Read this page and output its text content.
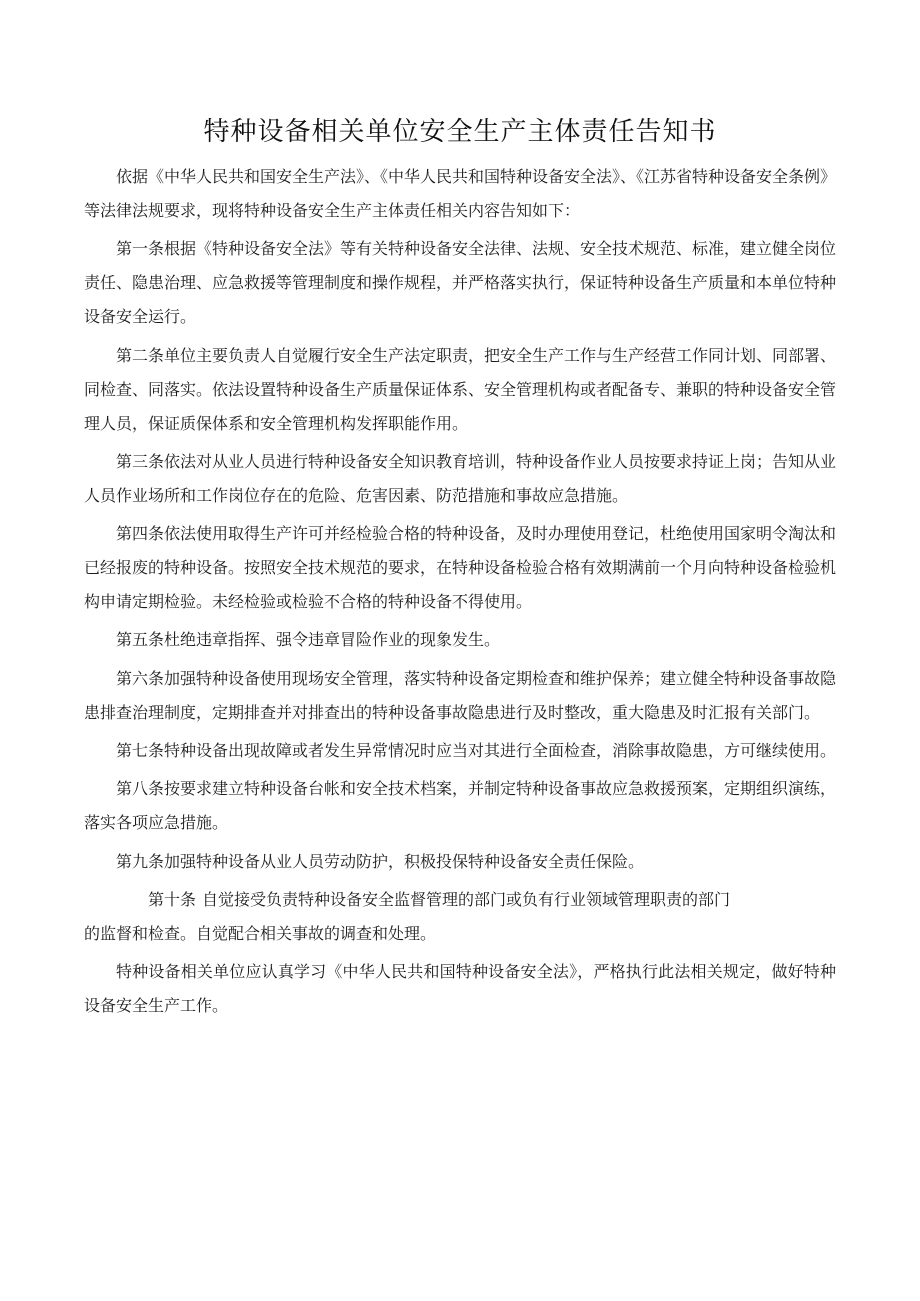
特种设备相关单位安全生产主体责任告知书

依据《中华人民共和国安全生产法》、《中华人民共和国特种设备安全法》、《江苏省特种设备安全条例》等法律法规要求，现将特种设备安全生产主体责任相关内容告知如下：

第一条根据《特种设备安全法》等有关特种设备安全法律、法规、安全技术规范、标准，建立健全岗位责任、隐患治理、应急救援等管理制度和操作规程，并严格落实执行，保证特种设备生产质量和本单位特种设备安全运行。

第二条单位主要负责人自觉履行安全生产法定职责，把安全生产工作与生产经营工作同计划、同部署、同检查、同落实。依法设置特种设备生产质量保证体系、安全管理机构或者配备专、兼职的特种设备安全管理人员，保证质保体系和安全管理机构发挥职能作用。

第三条依法对从业人员进行特种设备安全知识教育培训，特种设备作业人员按要求持证上岗；告知从业人员作业场所和工作岗位存在的危险、危害因素、防范措施和事故应急措施。

第四条依法使用取得生产许可并经检验合格的特种设备，及时办理使用登记，杜绝使用国家明令淘汰和已经报废的特种设备。按照安全技术规范的要求，在特种设备检验合格有效期满前一个月向特种设备检验机构申请定期检验。未经检验或检验不合格的特种设备不得使用。

第五条杜绝违章指挥、强令违章冒险作业的现象发生。

第六条加强特种设备使用现场安全管理，落实特种设备定期检查和维护保养；建立健全特种设备事故隐患排查治理制度，定期排查并对排查出的特种设备事故隐患进行及时整改，重大隐患及时汇报有关部门。

第七条特种设备出现故障或者发生异常情况时应当对其进行全面检查，消除事故隐患，方可继续使用。

第八条按要求建立特种设备台帐和安全技术档案，并制定特种设备事故应急救援预案，定期组织演练，落实各项应急措施。

第九条加强特种设备从业人员劳动防护，积极投保特种设备安全责任保险。

第十条 自觉接受负责特种设备安全监督管理的部门或负有行业领域管理职责的部门
的监督和检查。自觉配合相关事故的调查和处理。

特种设备相关单位应认真学习《中华人民共和国特种设备安全法》，严格执行此法相关规定，做好特种设备安全生产工作。
